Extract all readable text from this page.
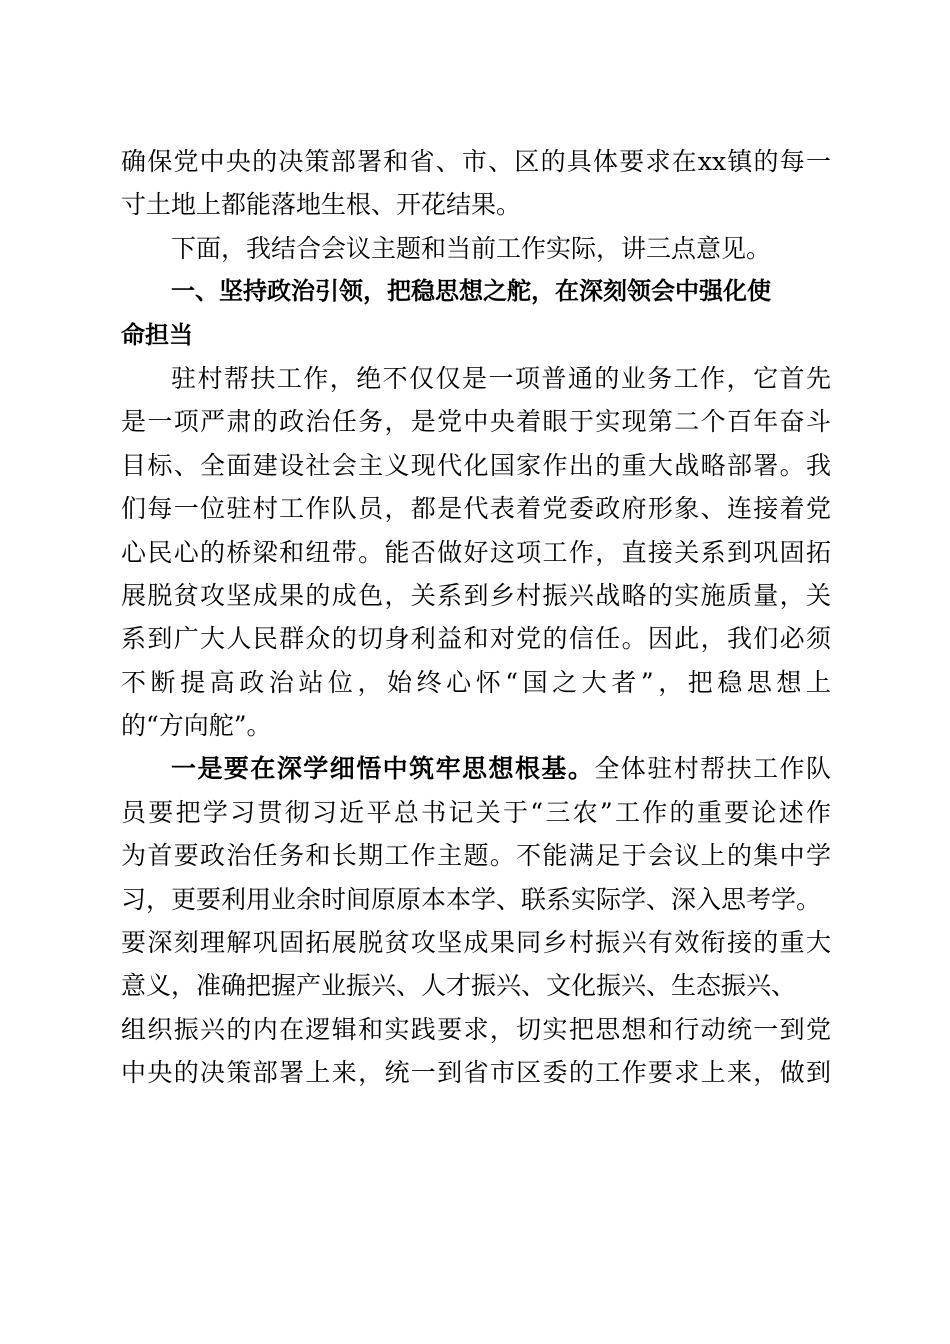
确保党中央的决策部署和省、市、区的具体要求在xx镇的每一
寸土地上都能落地生根、开花结果。
下面，我结合会议主题和当前工作实际，讲三点意见。
一、坚持政治引领，把稳思想之舵，在深刻领会中强化使
命担当
驻村帮扶工作，绝不仅仅是一项普通的业务工作，它首先
是一项严肃的政治任务，是党中央着眼于实现第二个百年奋斗
目标、全面建设社会主义现代化国家作出的重大战略部署。我
们每一位驻村工作队员，都是代表着党委政府形象、连接着党
心民心的桥梁和纽带。能否做好这项工作，直接关系到巩固拓
展脱贫攻坚成果的成色，关系到乡村振兴战略的实施质量，关
系到广大人民群众的切身利益和对党的信任。因此，我们必须
不断提高政治站位，始终心怀“国之大者”，把稳思想上
的“方向舵”。
一是要在深学细悟中筑牢思想根基。全体驻村帮扶工作队
员要把学习贯彻习近平总书记关于“三农”工作的重要论述作
为首要政治任务和长期工作主题。不能满足于会议上的集中学
习，更要利用业余时间原原本本学、联系实际学、深入思考学。
要深刻理解巩固拓展脱贫攻坚成果同乡村振兴有效衔接的重大
意义，准确把握产业振兴、人才振兴、文化振兴、生态振兴、
组织振兴的内在逻辑和实践要求，切实把思想和行动统一到党
中央的决策部署上来，统一到省市区委的工作要求上来，做到
